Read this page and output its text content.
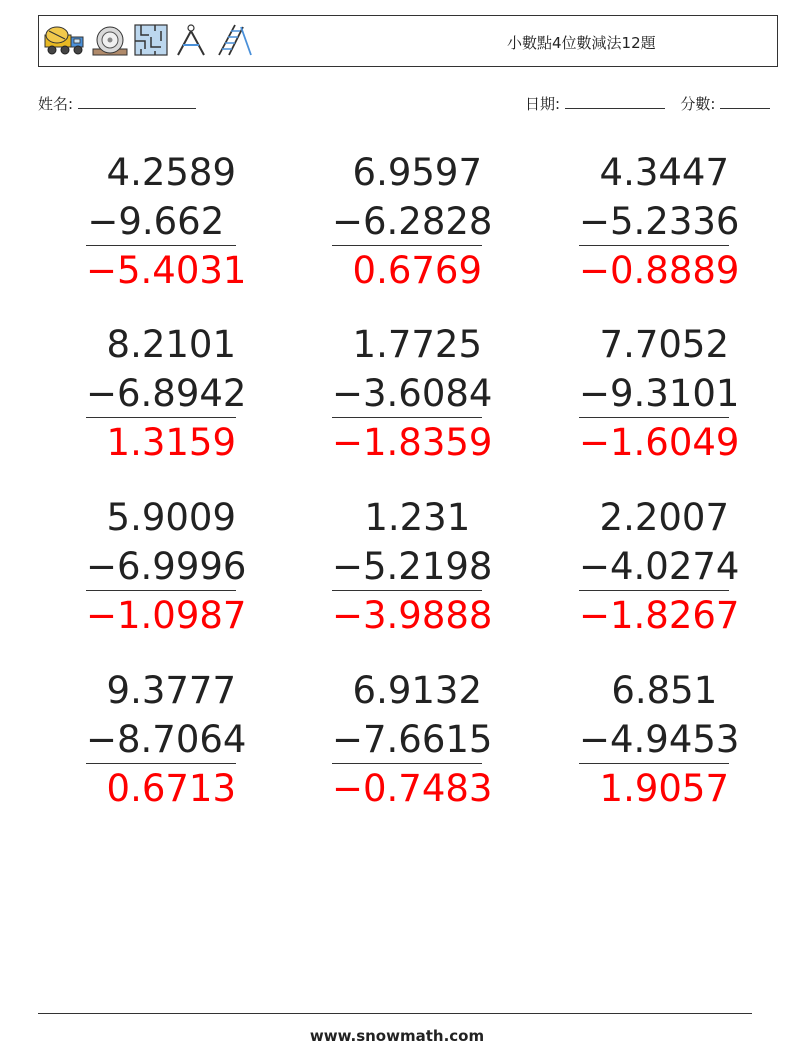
小數點4位數減法12題
姓名:	日期:	分數:
4.2589
−9.662
−5.4031
6.9597
−6.2828
0.6769
4.3447
−5.2336
−0.8889
8.2101
−6.8942
1.3159
1.7725
−3.6084
−1.8359
7.7052
−9.3101
−1.6049
5.9009
−6.9996
−1.0987
1.231
−5.2198
−3.9888
2.2007
−4.0274
−1.8267
9.3777
−8.7064
0.6713
6.9132
−7.6615
−0.7483
6.851
−4.9453
1.9057
www.snowmath.com
